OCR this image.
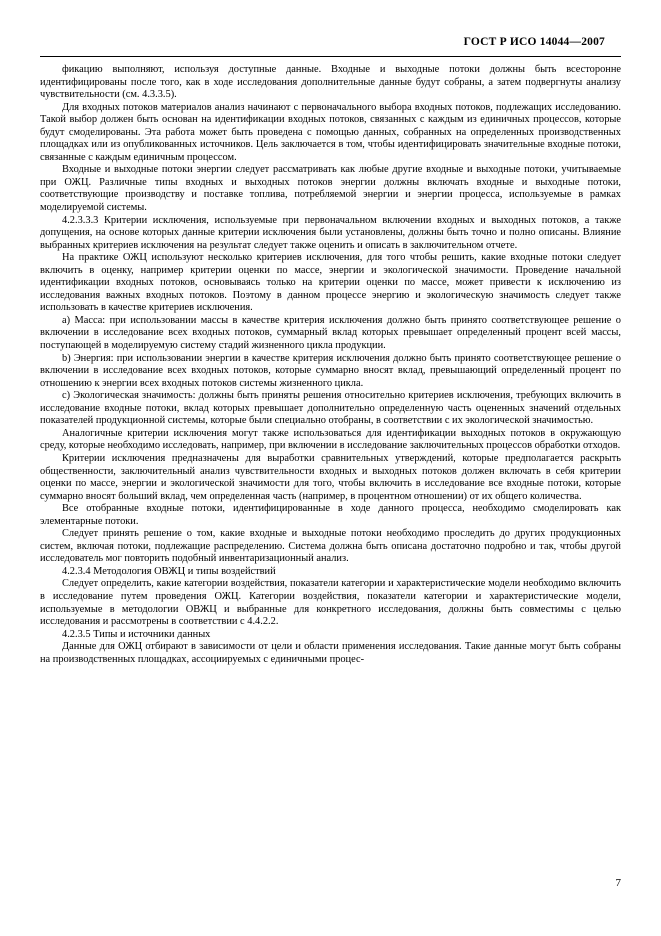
ГОСТ Р ИСО 14044—2007

фикацию выполняют, используя доступные данные. Входные и выходные потоки должны быть всесторонне идентифицированы после того, как в ходе исследования дополнительные данные будут собраны, а затем подвергнуты анализу чувствительности (см. 4.3.3.5).

Для входных потоков материалов анализ начинают с первоначального выбора входных потоков, подлежащих исследованию. Такой выбор должен быть основан на идентификации входных потоков, связанных с каждым из единичных процессов, которые будут смоделированы. Эта работа может быть проведена с помощью данных, собранных на определенных производственных площадках или из опубликованных источников. Цель заключается в том, чтобы идентифицировать значительные входные потоки, связанные с каждым единичным процессом.

Входные и выходные потоки энергии следует рассматривать как любые другие входные и выходные потоки, учитываемые при ОЖЦ. Различные типы входных и выходных потоков энергии должны включать входные и выходные потоки, соответствующие производству и поставке топлива, потребляемой энергии и энергии процесса, используемые в рамках моделируемой системы.

4.2.3.3.3 Критерии исключения, используемые при первоначальном включении входных и выходных потоков, а также допущения, на основе которых данные критерии исключения были установлены, должны быть точно и полно описаны. Влияние выбранных критериев исключения на результат следует также оценить и описать в заключительном отчете.

На практике ОЖЦ используют несколько критериев исключения, для того чтобы решить, какие входные потоки следует включить в оценку, например критерии оценки по массе, энергии и экологической значимости. Проведение начальной идентификации входных потоков, основываясь только на критерии оценки по массе, может привести к исключению из исследования важных входных потоков. Поэтому в данном процессе энергию и экологическую значимость следует также использовать в качестве критериев исключения.

а) Масса: при использовании массы в качестве критерия исключения должно быть принято соответствующее решение о включении в исследование всех входных потоков, суммарный вклад которых превышает определенный процент всей массы, поступающей в моделируемую систему стадий жизненного цикла продукции.

b) Энергия: при использовании энергии в качестве критерия исключения должно быть принято соответствующее решение о включении в исследование всех входных потоков, которые суммарно вносят вклад, превышающий определенный процент по отношению к энергии всех входных потоков системы жизненного цикла.

с) Экологическая значимость: должны быть приняты решения относительно критериев исключения, требующих включить в исследование входные потоки, вклад которых превышает дополнительно определенную часть оцененных значений отдельных показателей продукционной системы, которые были специально отобраны, в соответствии с их экологической значимостью.

Аналогичные критерии исключения могут также использоваться для идентификации выходных потоков в окружающую среду, которые необходимо исследовать, например, при включении в исследование заключительных процессов обработки отходов.

Критерии исключения предназначены для выработки сравнительных утверждений, которые предполагается раскрыть общественности, заключительный анализ чувствительности входных и выходных потоков должен включать в себя критерии оценки по массе, энергии и экологической значимости для того, чтобы включить в исследование все входные потоки, которые суммарно вносят больший вклад, чем определенная часть (например, в процентном отношении) от их общего количества.

Все отобранные входные потоки, идентифицированные в ходе данного процесса, необходимо смоделировать как элементарные потоки.

Следует принять решение о том, какие входные и выходные потоки необходимо проследить до других продукционных систем, включая потоки, подлежащие распределению. Система должна быть описана достаточно подробно и так, чтобы другой исследователь мог повторить подобный инвентаризационный анализ.

4.2.3.4 Методология ОВЖЦ и типы воздействий

Следует определить, какие категории воздействия, показатели категории и характеристические модели необходимо включить в исследование путем проведения ОЖЦ. Категории воздействия, показатели категории и характеристические модели, используемые в методологии ОВЖЦ и выбранные для конкретного исследования, должны быть совместимы с целью исследования и рассмотрены в соответствии с 4.4.2.2.

4.2.3.5 Типы и источники данных

Данные для ОЖЦ отбирают в зависимости от цели и области применения исследования. Такие данные могут быть собраны на производственных площадках, ассоциируемых с единичными процес-

7
